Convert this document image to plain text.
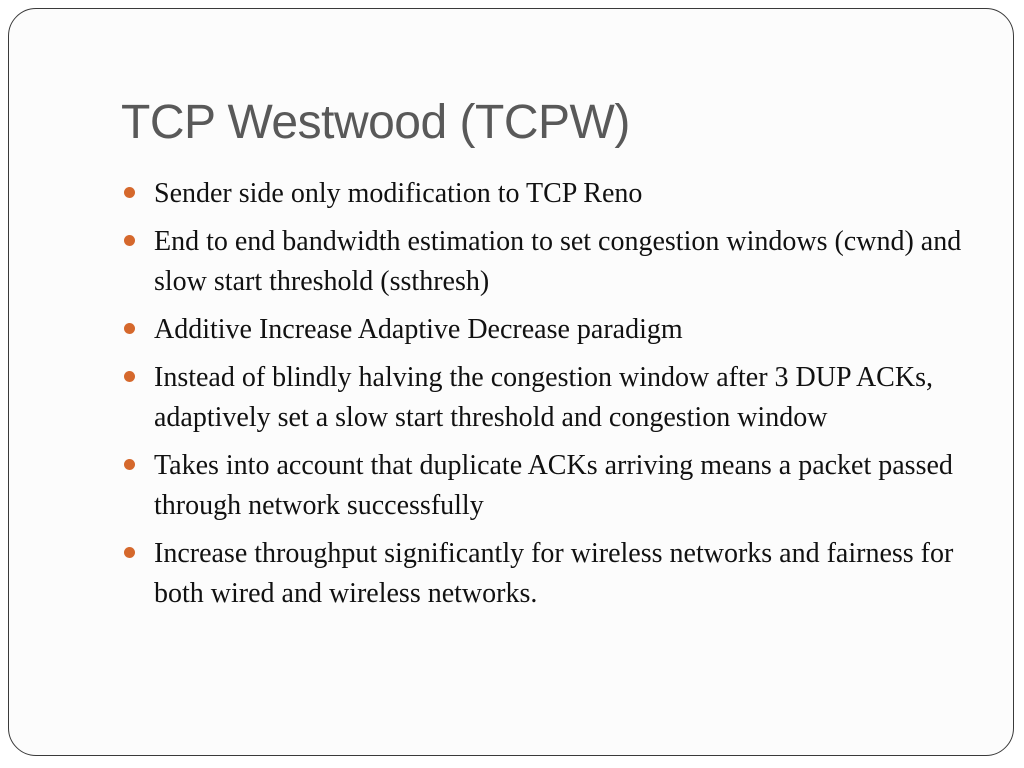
TCP Westwood (TCPW)
Sender side only modification to TCP Reno
End to end bandwidth estimation to set congestion windows (cwnd) and slow start threshold (ssthresh)
Additive Increase Adaptive Decrease paradigm
Instead of blindly halving the congestion window after 3 DUP ACKs, adaptively set a slow start threshold and congestion window
Takes into account that duplicate ACKs arriving means a packet passed through network successfully
Increase throughput significantly for wireless networks and fairness for  both wired and wireless networks.
